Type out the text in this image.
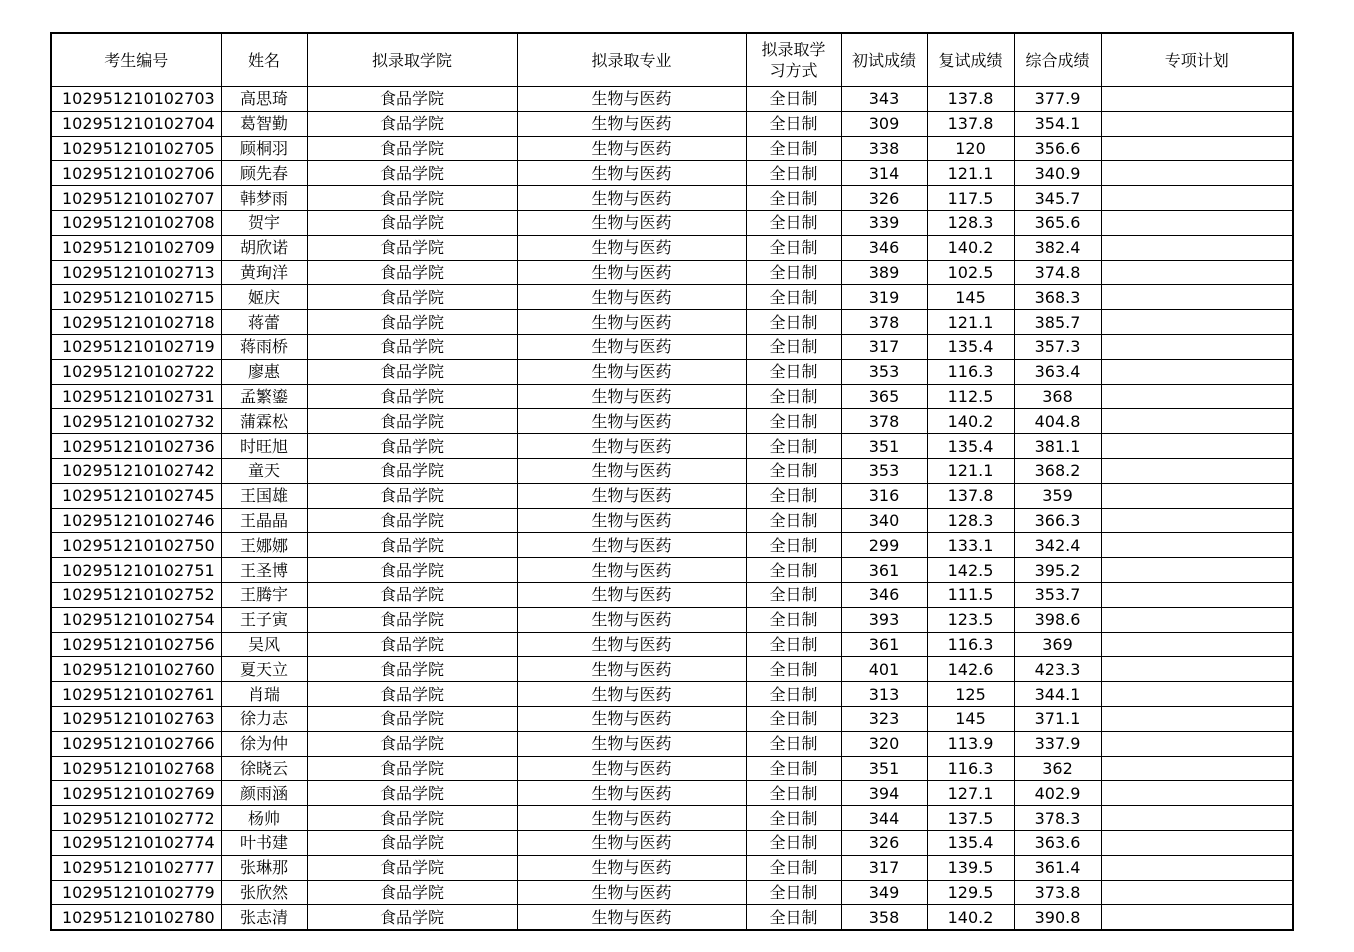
考生编号	姓名	拟录取学院	拟录取专业	拟录取学习方式	初试成绩	复试成绩	综合成绩	专项计划
102951210102703	高思琦	食品学院	生物与医药	全日制	343	137.8	377.9	
102951210102704	葛智勤	食品学院	生物与医药	全日制	309	137.8	354.1	
102951210102705	顾桐羽	食品学院	生物与医药	全日制	338	120	356.6	
102951210102706	顾先春	食品学院	生物与医药	全日制	314	121.1	340.9	
102951210102707	韩梦雨	食品学院	生物与医药	全日制	326	117.5	345.7	
102951210102708	贺宇	食品学院	生物与医药	全日制	339	128.3	365.6	
102951210102709	胡欣诺	食品学院	生物与医药	全日制	346	140.2	382.4	
102951210102713	黄珣洋	食品学院	生物与医药	全日制	389	102.5	374.8	
102951210102715	姬庆	食品学院	生物与医药	全日制	319	145	368.3	
102951210102718	蒋蕾	食品学院	生物与医药	全日制	378	121.1	385.7	
102951210102719	蒋雨桥	食品学院	生物与医药	全日制	317	135.4	357.3	
102951210102722	廖惠	食品学院	生物与医药	全日制	353	116.3	363.4	
102951210102731	孟繁鎏	食品学院	生物与医药	全日制	365	112.5	368	
102951210102732	蒲霖松	食品学院	生物与医药	全日制	378	140.2	404.8	
102951210102736	时旺旭	食品学院	生物与医药	全日制	351	135.4	381.1	
102951210102742	童天	食品学院	生物与医药	全日制	353	121.1	368.2	
102951210102745	王国雄	食品学院	生物与医药	全日制	316	137.8	359	
102951210102746	王晶晶	食品学院	生物与医药	全日制	340	128.3	366.3	
102951210102750	王娜娜	食品学院	生物与医药	全日制	299	133.1	342.4	
102951210102751	王圣博	食品学院	生物与医药	全日制	361	142.5	395.2	
102951210102752	王腾宇	食品学院	生物与医药	全日制	346	111.5	353.7	
102951210102754	王子寅	食品学院	生物与医药	全日制	393	123.5	398.6	
102951210102756	吴风	食品学院	生物与医药	全日制	361	116.3	369	
102951210102760	夏天立	食品学院	生物与医药	全日制	401	142.6	423.3	
102951210102761	肖瑞	食品学院	生物与医药	全日制	313	125	344.1	
102951210102763	徐力志	食品学院	生物与医药	全日制	323	145	371.1	
102951210102766	徐为仲	食品学院	生物与医药	全日制	320	113.9	337.9	
102951210102768	徐晓云	食品学院	生物与医药	全日制	351	116.3	362	
102951210102769	颜雨涵	食品学院	生物与医药	全日制	394	127.1	402.9	
102951210102772	杨帅	食品学院	生物与医药	全日制	344	137.5	378.3	
102951210102774	叶书建	食品学院	生物与医药	全日制	326	135.4	363.6	
102951210102777	张琳那	食品学院	生物与医药	全日制	317	139.5	361.4	
102951210102779	张欣然	食品学院	生物与医药	全日制	349	129.5	373.8	
102951210102780	张志清	食品学院	生物与医药	全日制	358	140.2	390.8	
